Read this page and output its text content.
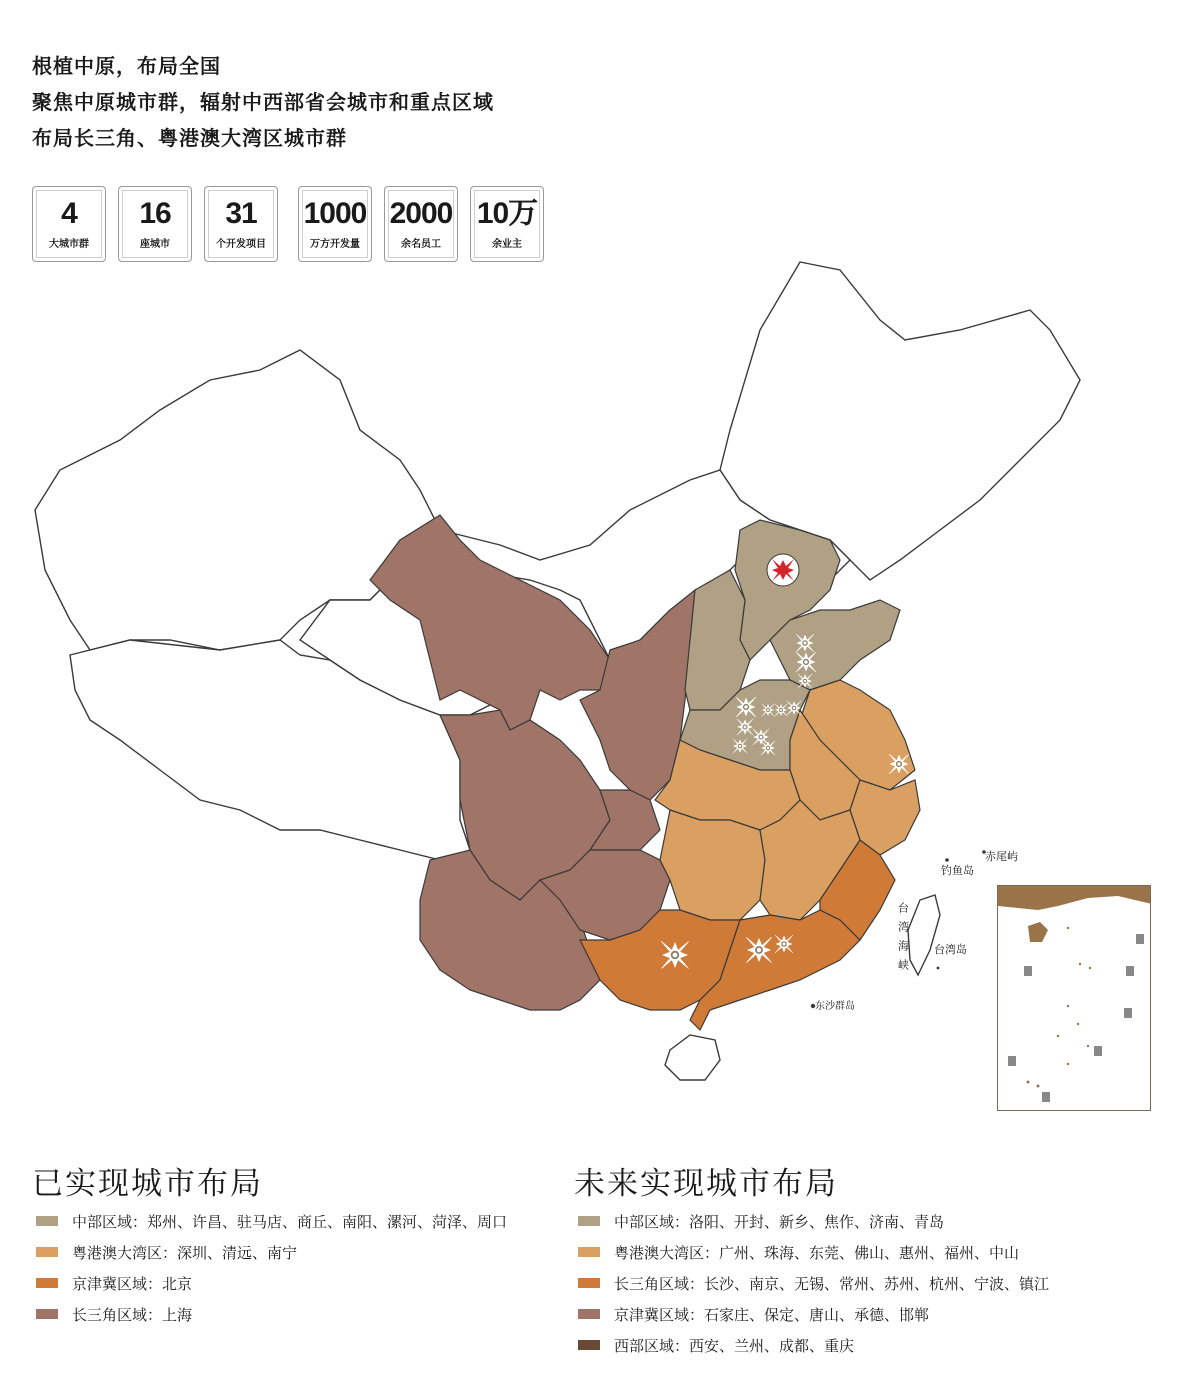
根植中原，布局全国
聚焦中原城市群，辐射中西部省会城市和重点区域
布局长三角、粤港澳大湾区城市群
4
大城市群
16
座城市
31
个开发项目
1000
万方开发量
2000
余名员工
10万
余业主
钓鱼岛
赤尾屿
台湾岛
东沙群岛
台湾海峡
已实现城市布局
中部区域：郑州、许昌、驻马店、商丘、南阳、漯河、菏泽、周口
粤港澳大湾区：深圳、清远、南宁
京津冀区域：北京
长三角区域：上海
未来实现城市布局
中部区域：洛阳、开封、新乡、焦作、济南、青岛
粤港澳大湾区：广州、珠海、东莞、佛山、惠州、福州、中山
长三角区域：长沙、南京、无锡、常州、苏州、杭州、宁波、镇江
京津冀区域：石家庄、保定、唐山、承德、邯郸
西部区域：西安、兰州、成都、重庆
